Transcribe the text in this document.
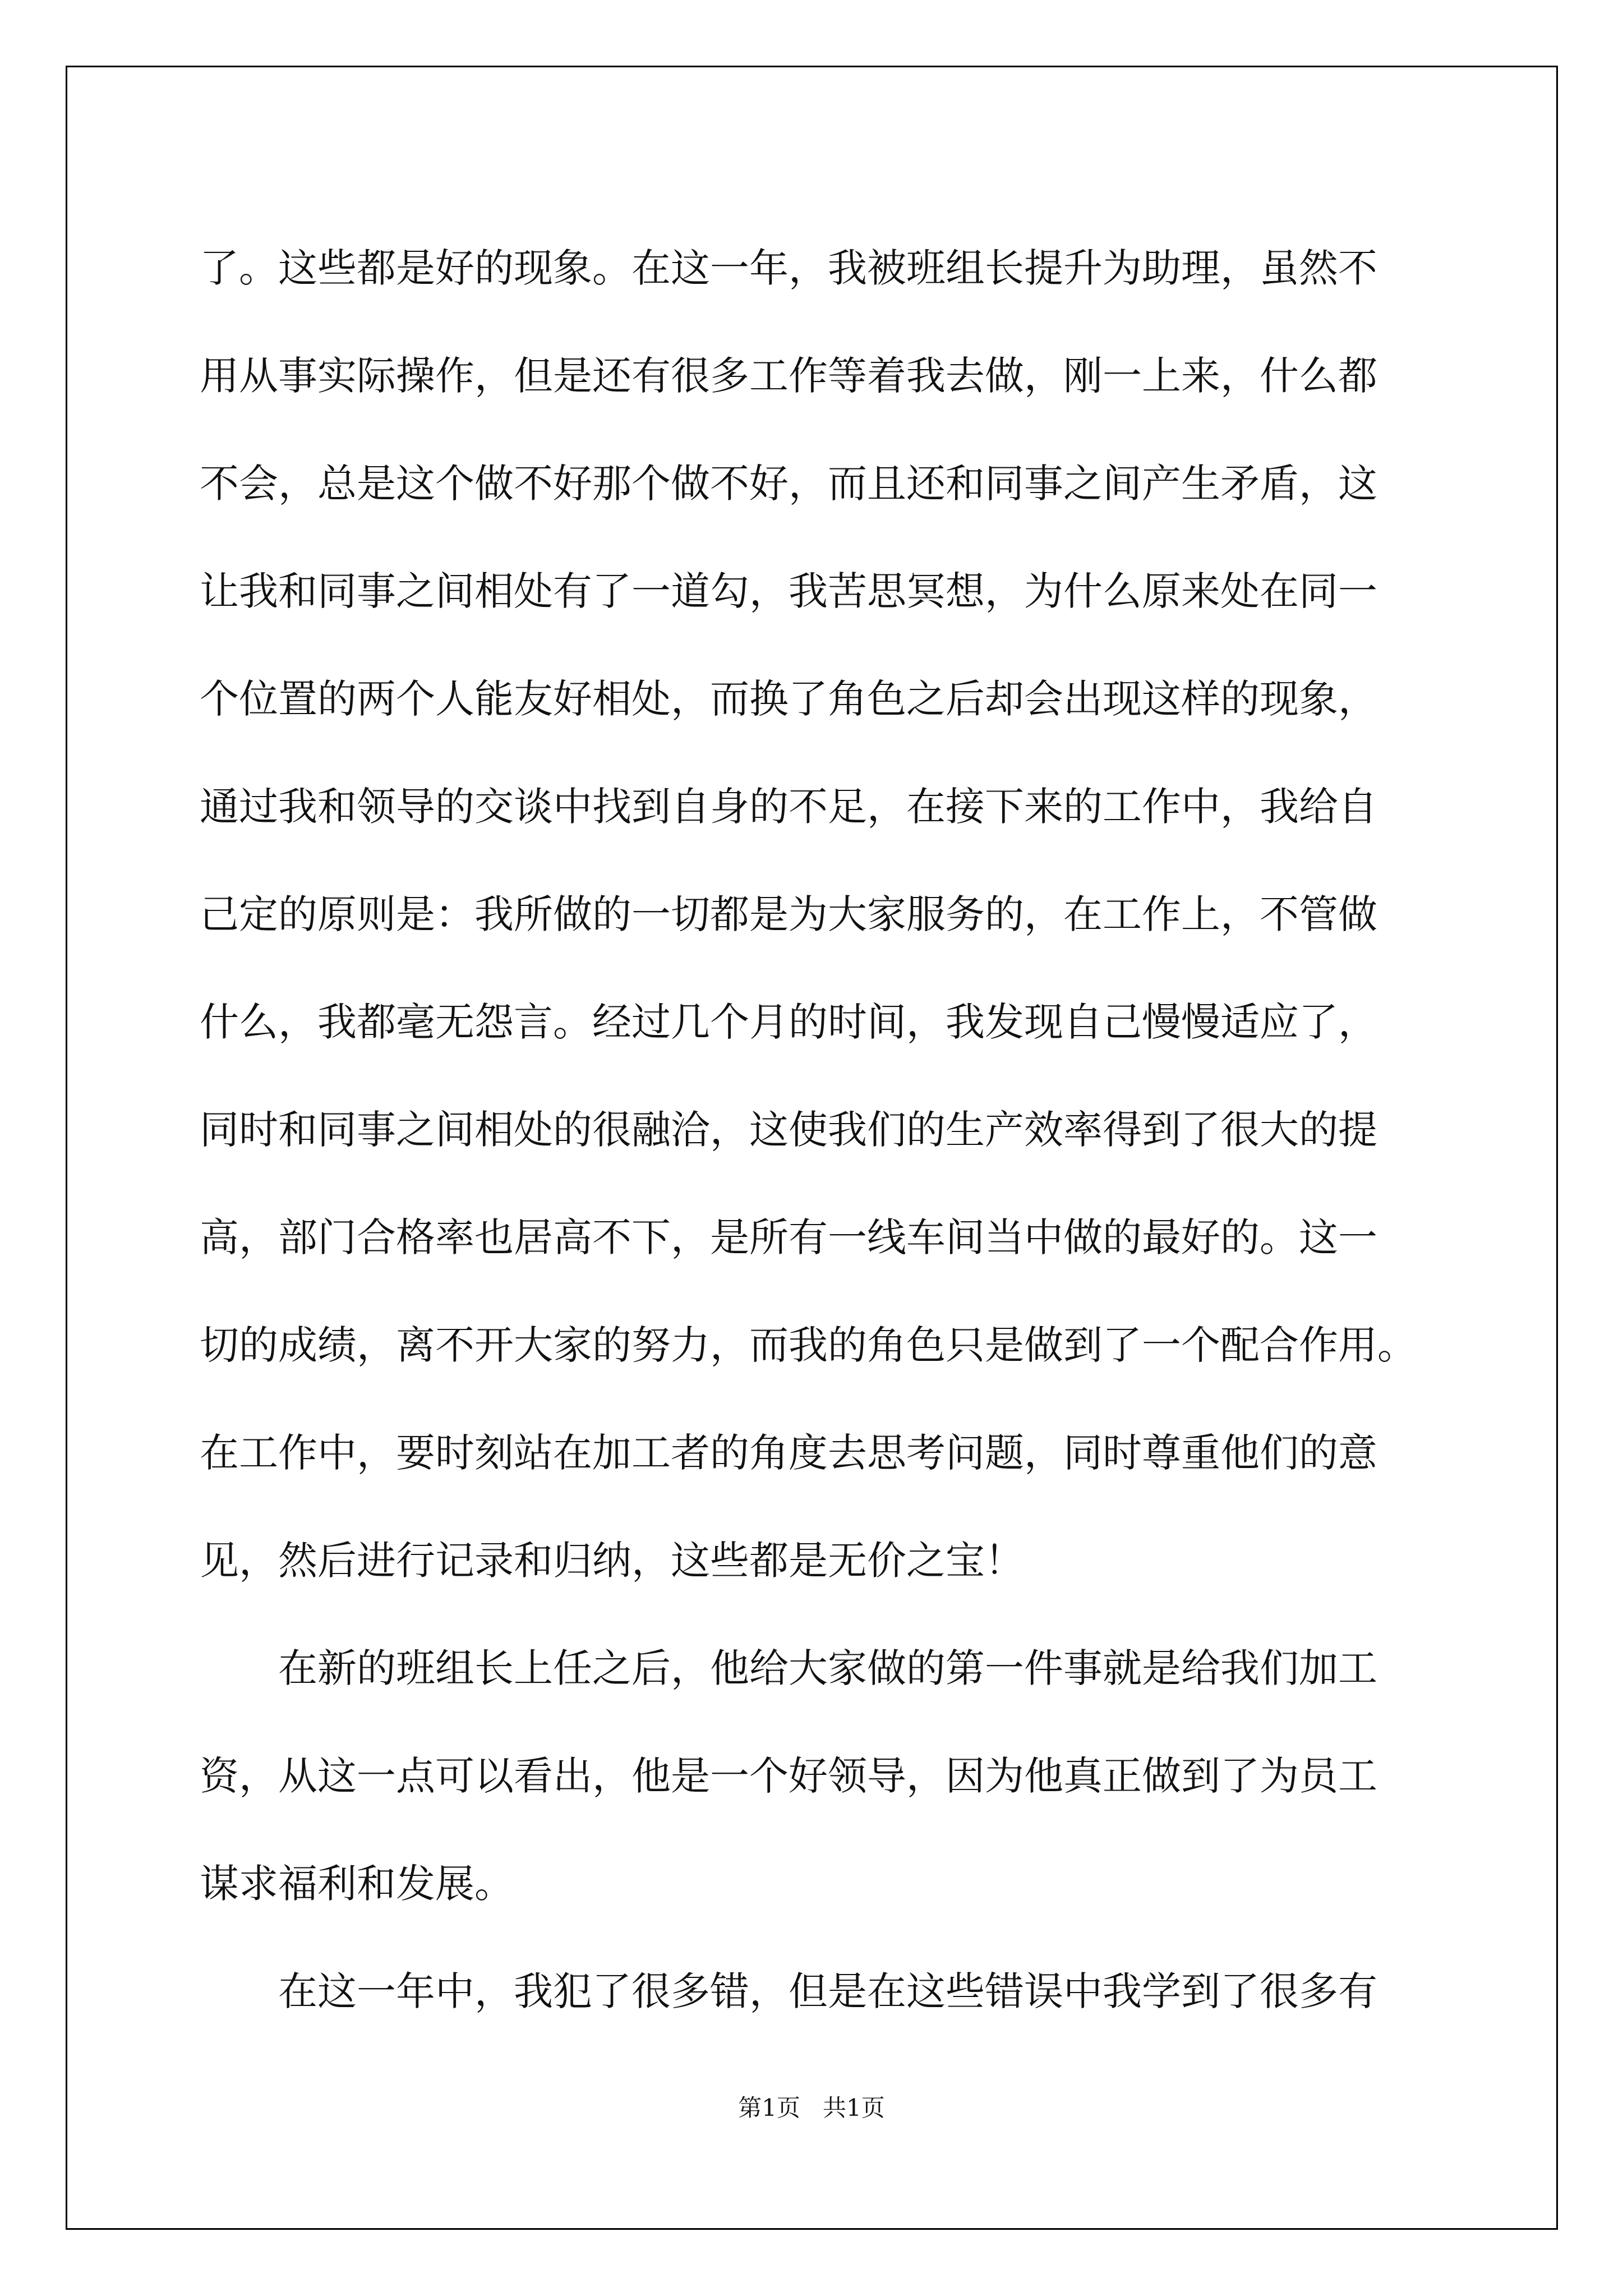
了。这些都是好的现象。在这一年，我被班组长提升为助理，虽然不
用从事实际操作，但是还有很多工作等着我去做，刚一上来，什么都
不会，总是这个做不好那个做不好，而且还和同事之间产生矛盾，这
让我和同事之间相处有了一道勾，我苦思冥想，为什么原来处在同一
个位置的两个人能友好相处，而换了角色之后却会出现这样的现象，
通过我和领导的交谈中找到自身的不足，在接下来的工作中，我给自
己定的原则是：我所做的一切都是为大家服务的，在工作上，不管做
什么，我都毫无怨言。经过几个月的时间，我发现自己慢慢适应了，
同时和同事之间相处的很融洽，这使我们的生产效率得到了很大的提
高，部门合格率也居高不下，是所有一线车间当中做的最好的。这一
切的成绩，离不开大家的努力，而我的角色只是做到了一个配合作用。
在工作中，要时刻站在加工者的角度去思考问题，同时尊重他们的意
见，然后进行记录和归纳，这些都是无价之宝！
在新的班组长上任之后，他给大家做的第一件事就是给我们加工
资，从这一点可以看出，他是一个好领导，因为他真正做到了为员工
谋求福利和发展。
在这一年中，我犯了很多错，但是在这些错误中我学到了很多有
第1页   共1页
